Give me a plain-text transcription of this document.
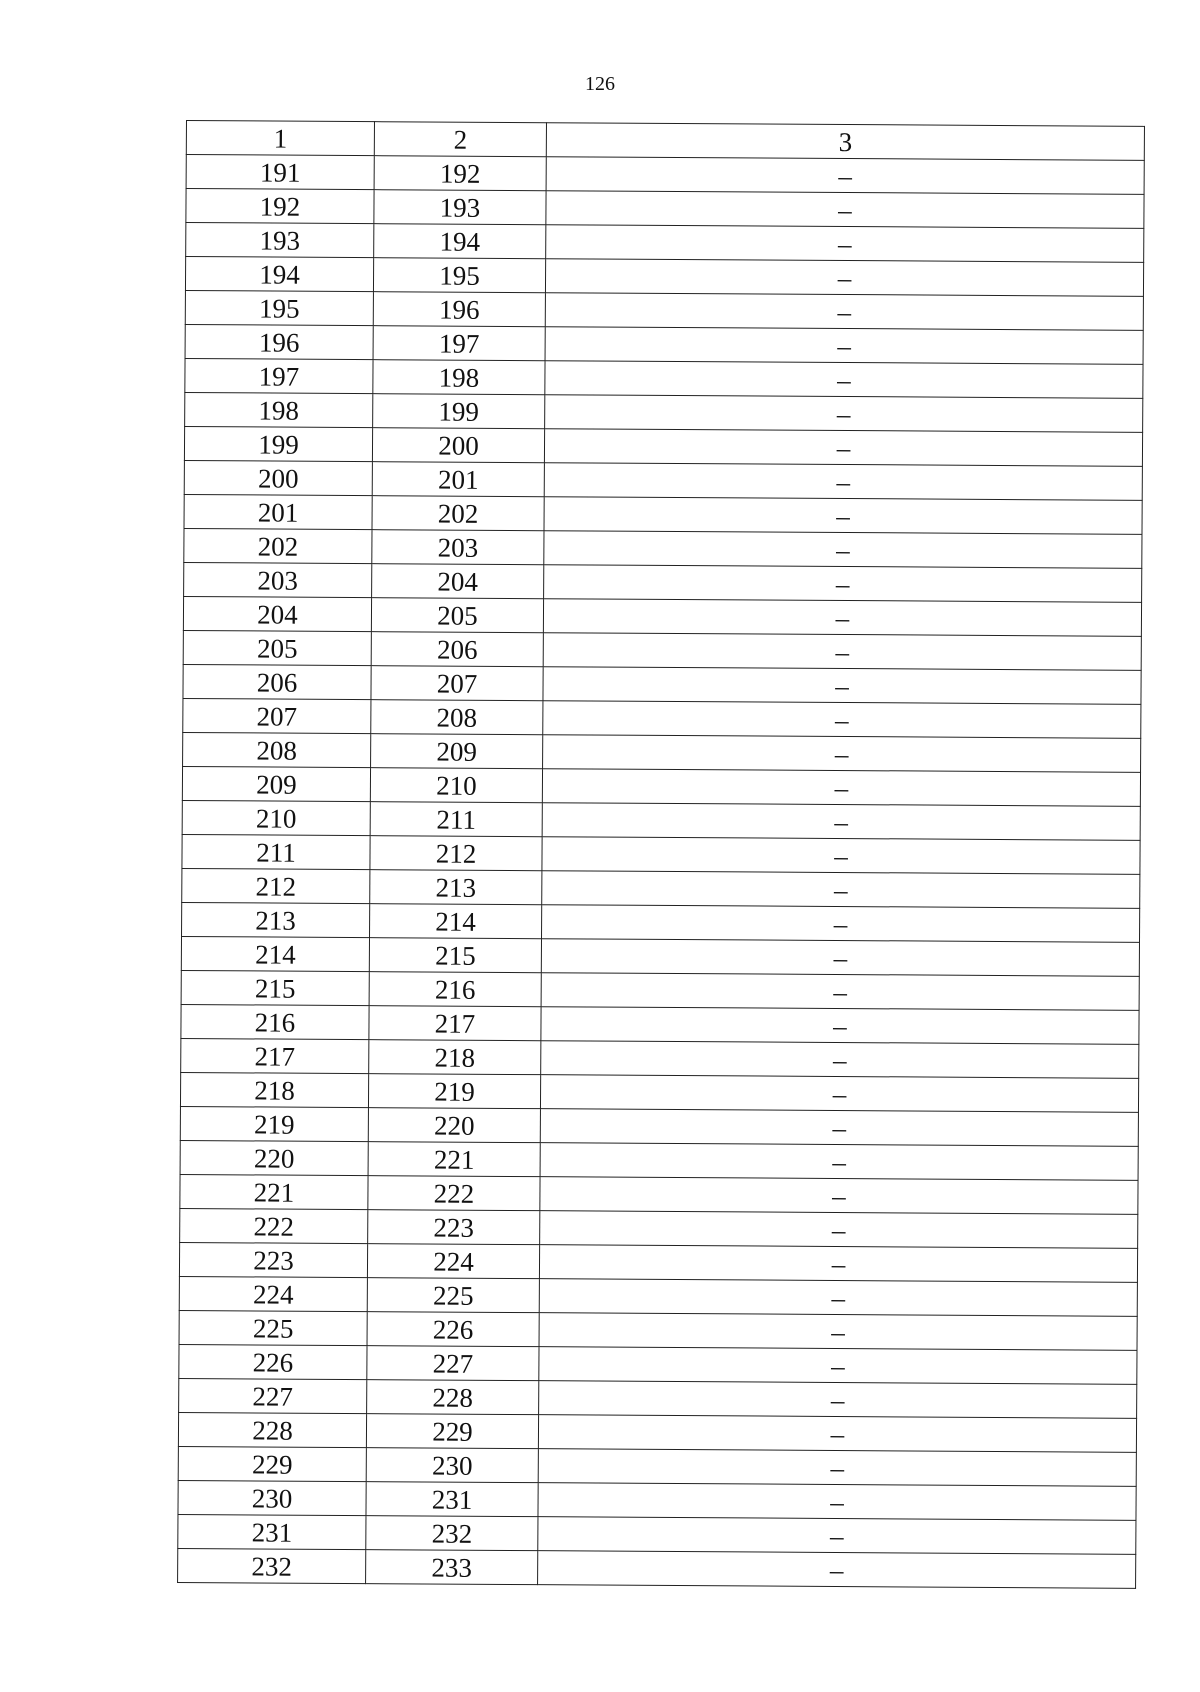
126
1	2	3
191	192	–
192	193	–
193	194	–
194	195	–
195	196	–
196	197	–
197	198	–
198	199	–
199	200	–
200	201	–
201	202	–
202	203	–
203	204	–
204	205	–
205	206	–
206	207	–
207	208	–
208	209	–
209	210	–
210	211	–
211	212	–
212	213	–
213	214	–
214	215	–
215	216	–
216	217	–
217	218	–
218	219	–
219	220	–
220	221	–
221	222	–
222	223	–
223	224	–
224	225	–
225	226	–
226	227	–
227	228	–
228	229	–
229	230	–
230	231	–
231	232	–
232	233	–
